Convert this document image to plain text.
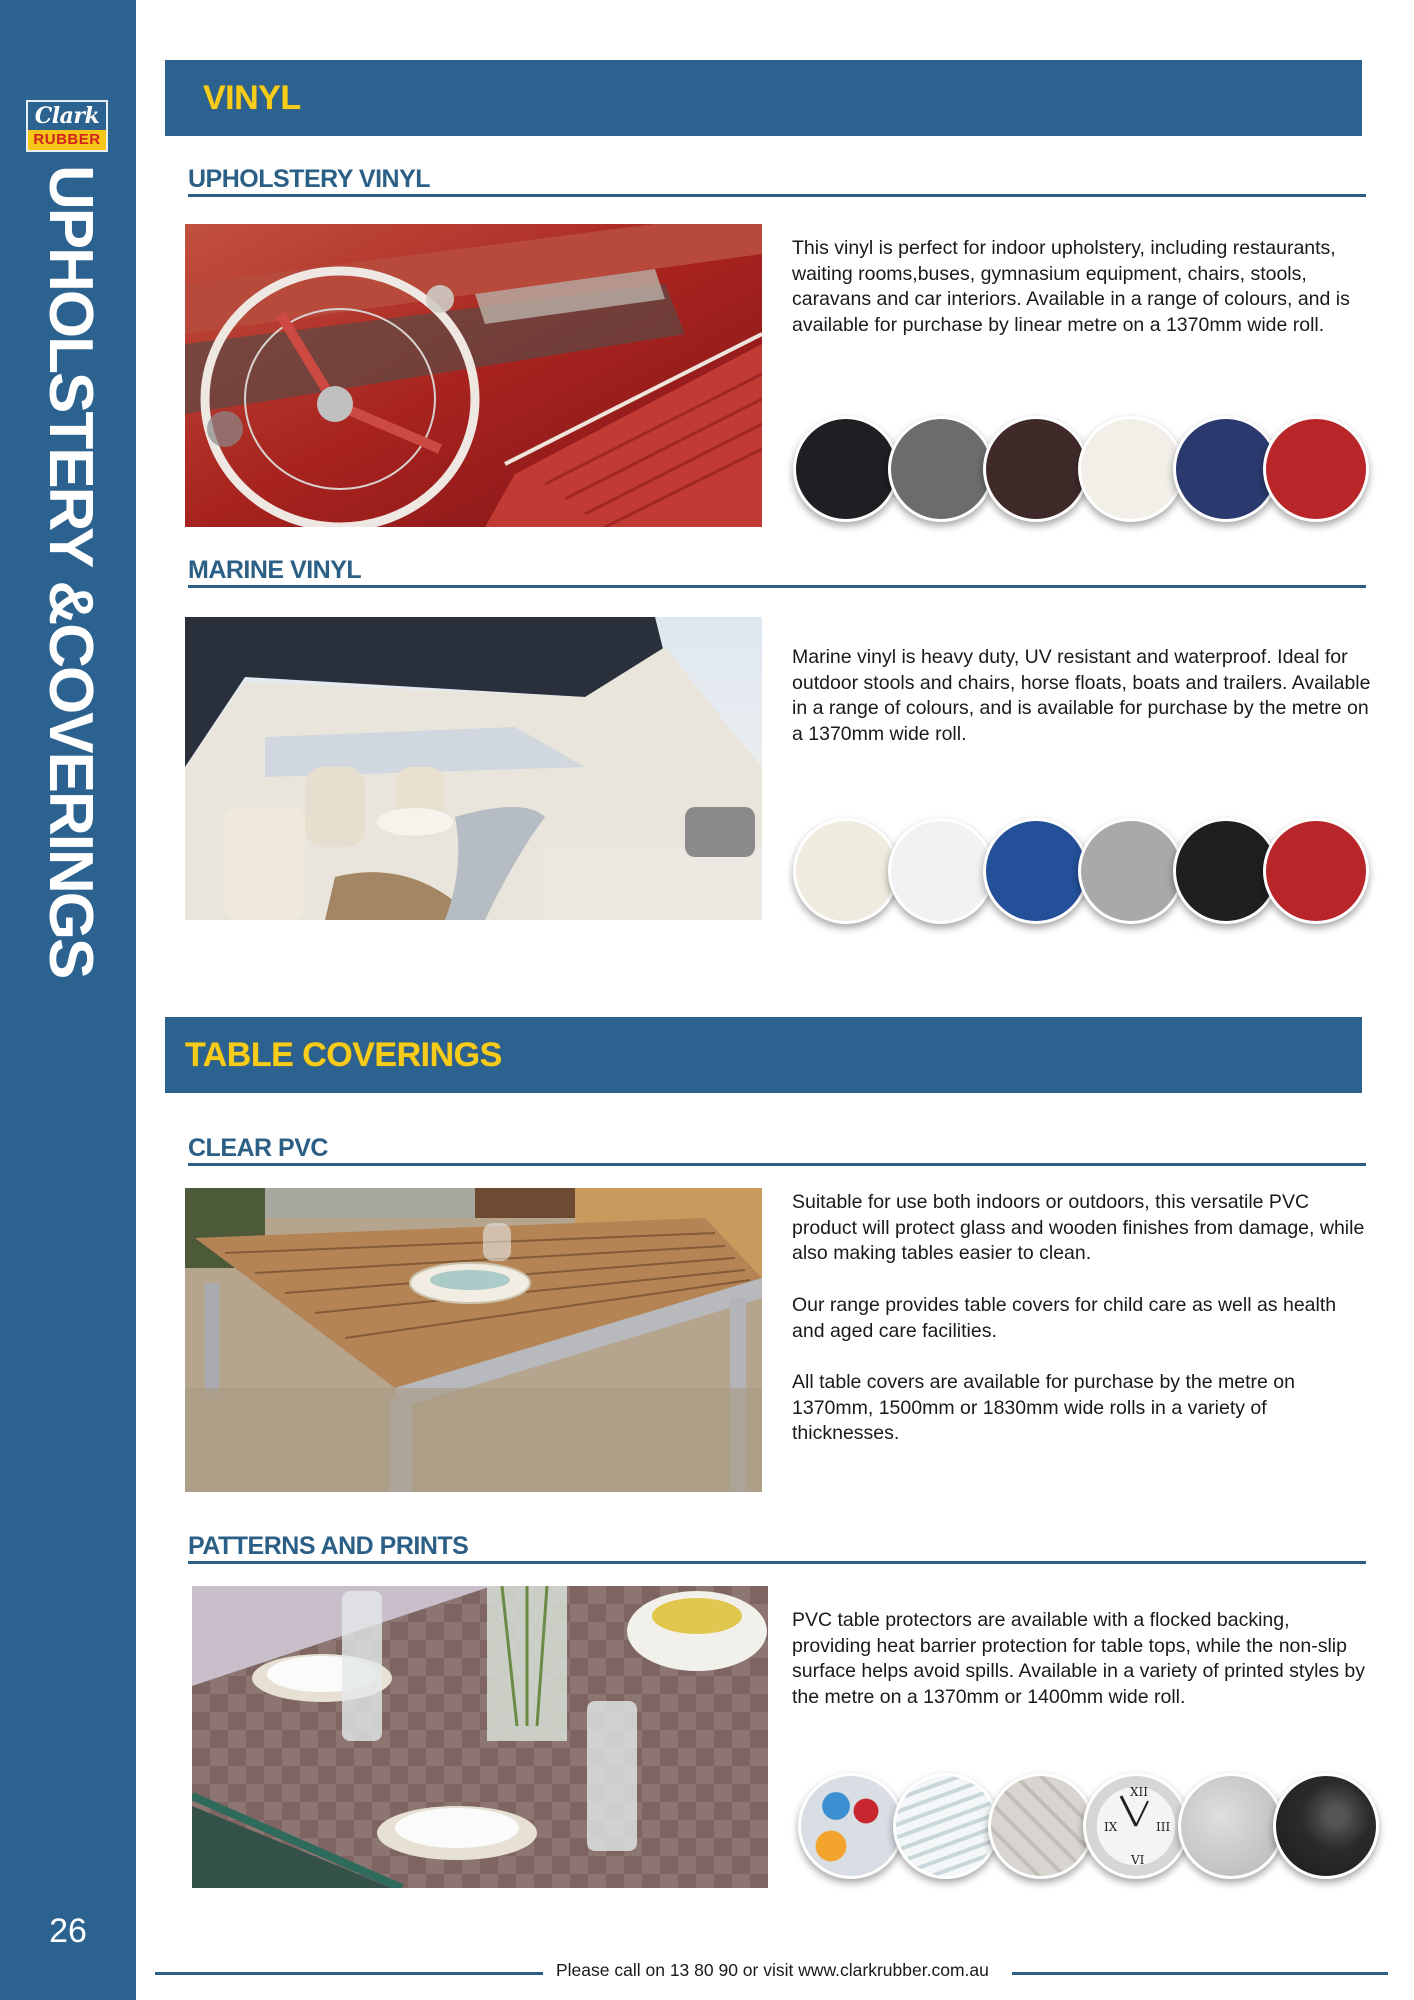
Clark
RUBBER
UPHOLSTERY &COVERINGS
26
VINYL
UPHOLSTERY VINYL

This vinyl is perfect for indoor upholstery, including restaurants, waiting rooms,buses, gymnasium equipment, chairs, stools, caravans and car interiors. Available in a range of colours, and is available for purchase by linear metre on a 1370mm wide roll.

MARINE VINYL

Marine vinyl is heavy duty, UV resistant and waterproof. Ideal for outdoor stools and chairs, horse floats, boats and trailers. Available in a range of colours, and is available for purchase by the metre on a 1370mm wide roll.

TABLE COVERINGS
CLEAR PVC

Suitable for use both indoors or outdoors, this versatile PVC product will protect glass and wooden finishes from damage, while also making tables easier to clean.

Our range provides table covers for child care as well as health and aged care facilities.

All table covers are available for purchase by the metre on 1370mm, 1500mm or 1830mm wide rolls in a variety of thicknesses.

PATTERNS AND PRINTS

PVC table protectors are available with a flocked backing, providing heat barrier protection for table tops, while the non-slip surface helps avoid spills. Available in a variety of printed styles by the metre on a 1370mm or 1400mm wide roll.

XII
IX	III
VI
Please call on 13 80 90 or visit www.clarkrubber.com.au
